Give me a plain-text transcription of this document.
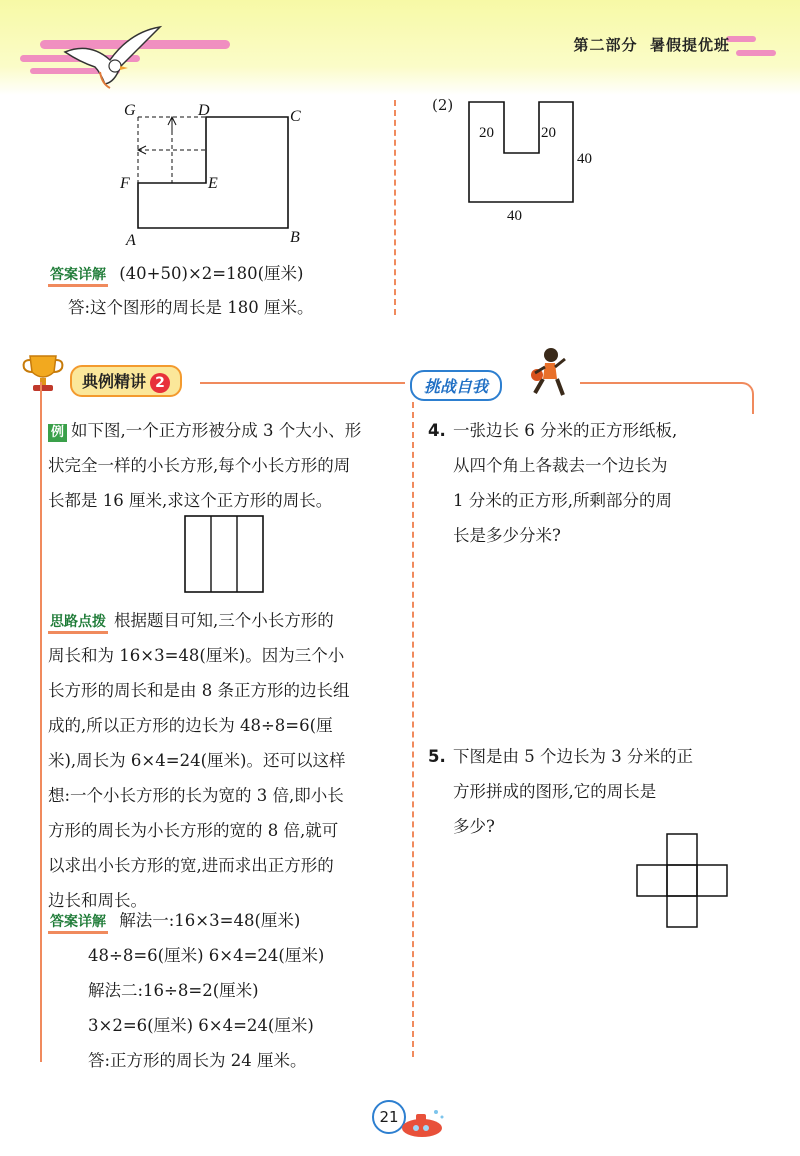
第二部分 暑假提优班
G	D	C
F	E
A	B
(2)
20	20
40
40
答案详解 (40+50)×2=180(厘米)
答:这个图形的周长是 180 厘米。
典例精讲 2	挑战自我
例 如下图,一个正方形被分成 3 个大小、形
状完全一样的小长方形,每个小长方形的周
长都是 16 厘米,求这个正方形的周长。
思路点拨 根据题目可知,三个小长方形的
周长和为 16×3=48(厘米)。因为三个小
长方形的周长和是由 8 条正方形的边长组
成的,所以正方形的边长为 48÷8=6(厘
米),周长为 6×4=24(厘米)。还可以这样
想:一个小长方形的长为宽的 3 倍,即小长
方形的周长为小长方形的宽的 8 倍,就可
以求出小长方形的宽,进而求出正方形的
边长和周长。
答案详解 解法一:16×3=48(厘米)
48÷8=6(厘米) 6×4=24(厘米)
解法二:16÷8=2(厘米)
3×2=6(厘米) 6×4=24(厘米)
答:正方形的周长为 24 厘米。
4. 一张边长 6 分米的正方形纸板,
从四个角上各裁去一个边长为
1 分米的正方形,所剩部分的周
长是多少分米?
5. 下图是由 5 个边长为 3 分米的正
方形拼成的图形,它的周长是
多少?
21
